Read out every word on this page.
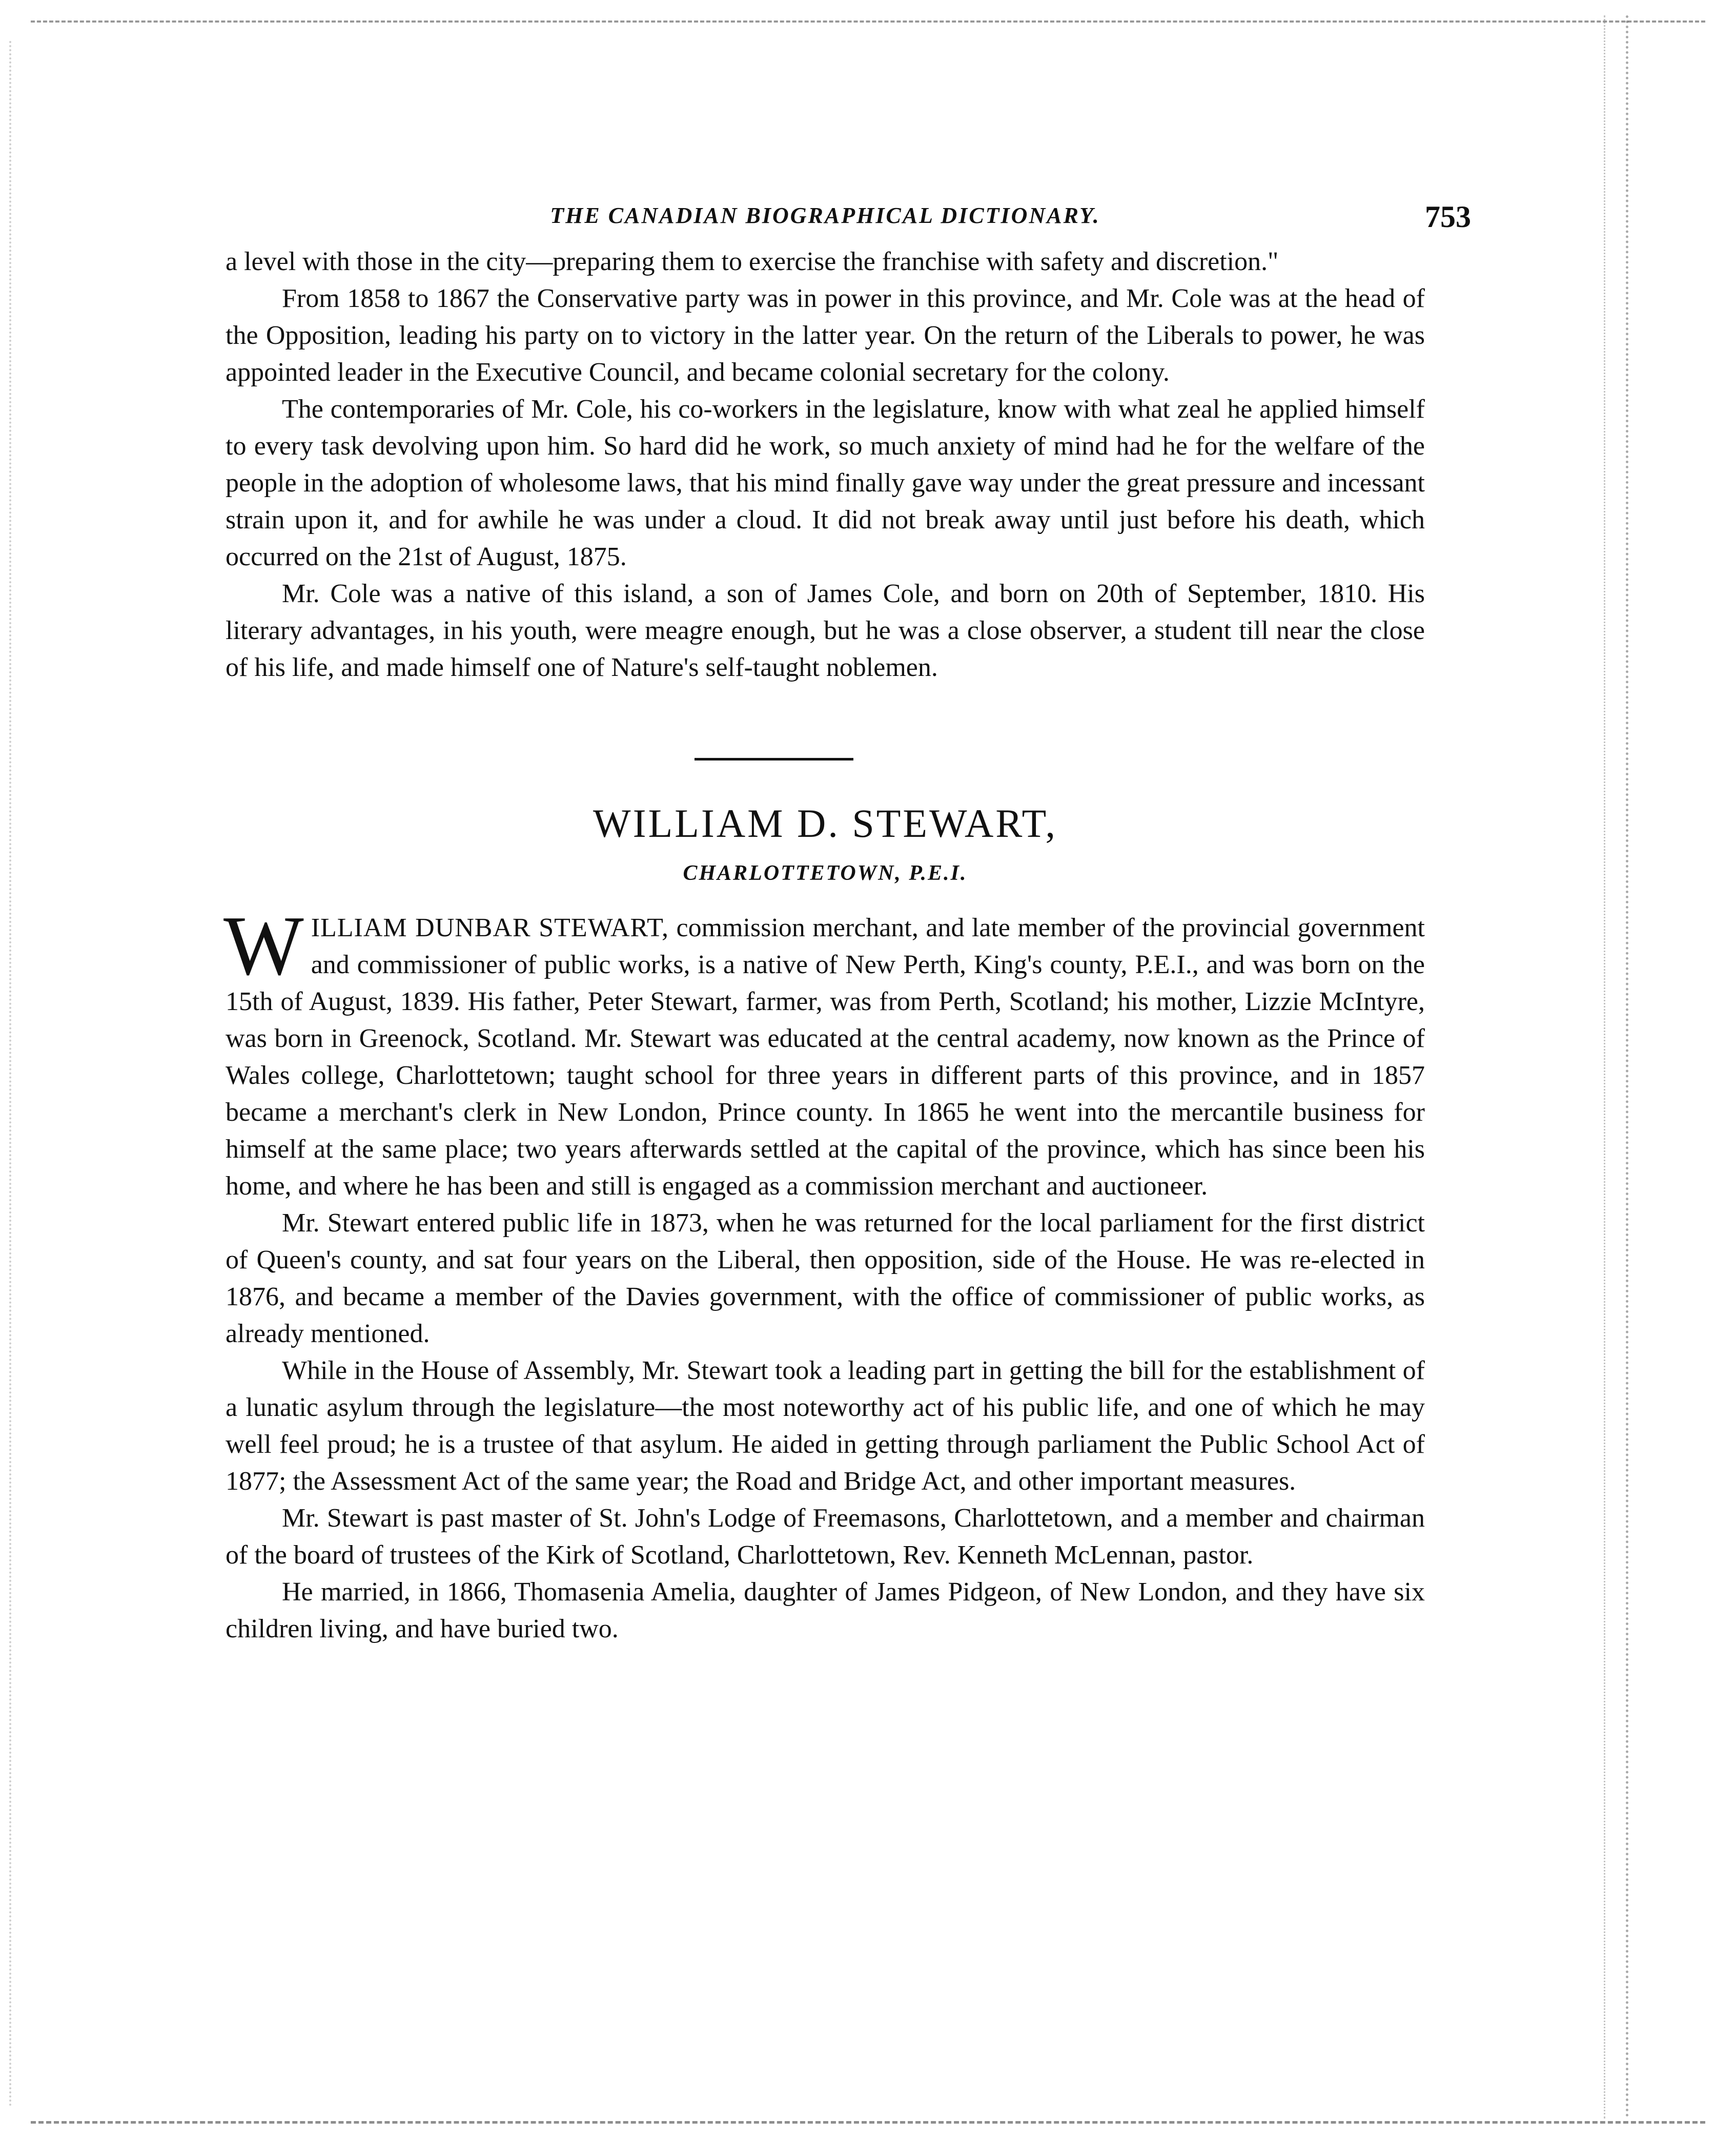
THE CANADIAN BIOGRAPHICAL DICTIONARY.	753

a level with those in the city—preparing them to exercise the franchise with safety and discretion."

From 1858 to 1867 the Conservative party was in power in this province, and Mr. Cole was at the head of the Opposition, leading his party on to victory in the latter year. On the return of the Liberals to power, he was appointed leader in the Executive Council, and became colonial secretary for the colony.

The contemporaries of Mr. Cole, his co-workers in the legislature, know with what zeal he applied himself to every task devolving upon him. So hard did he work, so much anxiety of mind had he for the welfare of the people in the adoption of wholesome laws, that his mind finally gave way under the great pressure and incessant strain upon it, and for awhile he was under a cloud. It did not break away until just before his death, which occurred on the 21st of August, 1875.

Mr. Cole was a native of this island, a son of James Cole, and born on 20th of September, 1810. His literary advantages, in his youth, were meagre enough, but he was a close observer, a student till near the close of his life, and made himself one of Nature's self-taught noblemen.

WILLIAM D. STEWART,
CHARLOTTETOWN, P.E.I.

WILLIAM DUNBAR STEWART, commission merchant, and late member of the provincial government and commissioner of public works, is a native of New Perth, King's county, P.E.I., and was born on the 15th of August, 1839. His father, Peter Stewart, farmer, was from Perth, Scotland; his mother, Lizzie McIntyre, was born in Greenock, Scotland. Mr. Stewart was educated at the central academy, now known as the Prince of Wales college, Charlottetown; taught school for three years in different parts of this province, and in 1857 became a merchant's clerk in New London, Prince county. In 1865 he went into the mercantile business for himself at the same place; two years afterwards settled at the capital of the province, which has since been his home, and where he has been and still is engaged as a commission merchant and auctioneer.

Mr. Stewart entered public life in 1873, when he was returned for the local parliament for the first district of Queen's county, and sat four years on the Liberal, then opposition, side of the House. He was re-elected in 1876, and became a member of the Davies government, with the office of commissioner of public works, as already mentioned.

While in the House of Assembly, Mr. Stewart took a leading part in getting the bill for the establishment of a lunatic asylum through the legislature—the most noteworthy act of his public life, and one of which he may well feel proud; he is a trustee of that asylum. He aided in getting through parliament the Public School Act of 1877; the Assessment Act of the same year; the Road and Bridge Act, and other important measures.

Mr. Stewart is past master of St. John's Lodge of Freemasons, Charlottetown, and a member and chairman of the board of trustees of the Kirk of Scotland, Charlottetown, Rev. Kenneth McLennan, pastor.

He married, in 1866, Thomasenia Amelia, daughter of James Pidgeon, of New London, and they have six children living, and have buried two.
